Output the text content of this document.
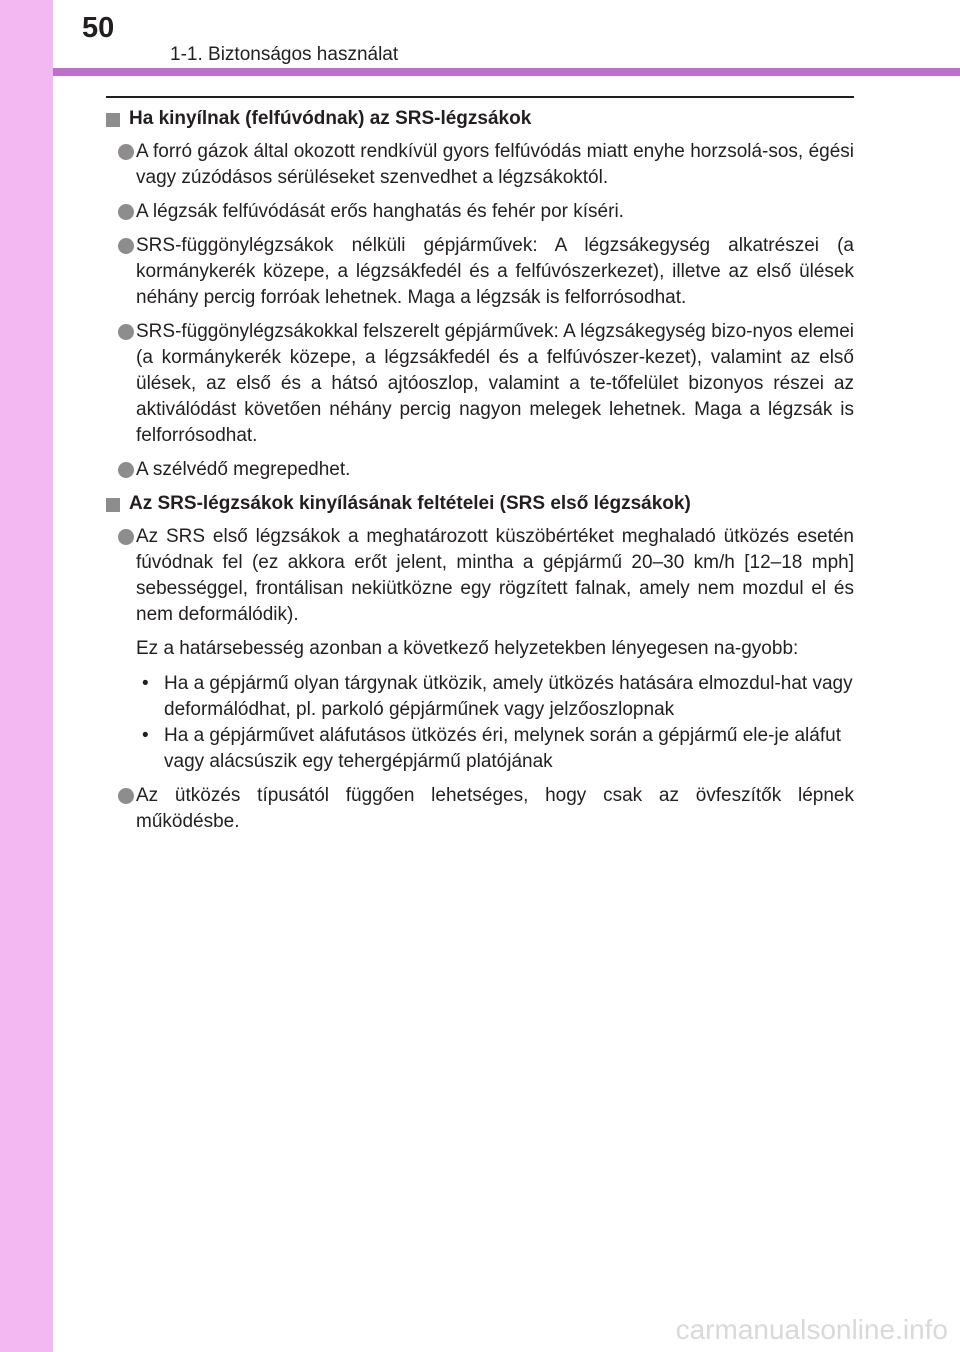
50
1-1. Biztonságos használat
Ha kinyílnak (felfúvódnak) az SRS-légzsákok
A forró gázok által okozott rendkívül gyors felfúvódás miatt enyhe horzsolá-sos, égési vagy zúzódásos sérüléseket szenvedhet a légzsákoktól.
A légzsák felfúvódását erős hanghatás és fehér por kíséri.
SRS-függönylégzsákok nélküli gépjárművek: A légzsákegység alkatrészei (a kormánykerék közepe, a légzsákfedél és a felfúvószerkezet), illetve az első ülések néhány percig forróak lehetnek. Maga a légzsák is felforrósodhat.
SRS-függönylégzsákokkal felszerelt gépjárművek: A légzsákegység bizo-nyos elemei (a kormánykerék közepe, a légzsákfedél és a felfúvószer-kezet), valamint az első ülések, az első és a hátsó ajtóoszlop, valamint a te-tőfelület bizonyos részei az aktiválódást követően néhány percig nagyon melegek lehetnek. Maga a légzsák is felforrósodhat.
A szélvédő megrepedhet.
Az SRS-légzsákok kinyílásának feltételei (SRS első légzsákok)
Az SRS első légzsákok a meghatározott küszöbértéket meghaladó ütközés esetén fúvódnak fel (ez akkora erőt jelent, mintha a gépjármű 20–30 km/h [12–18 mph] sebességgel, frontálisan nekiütközne egy rögzített falnak, amely nem mozdul el és nem deformálódik).
Ez a határsebesség azonban a következő helyzetekben lényegesen na-gyobb:
• Ha a gépjármű olyan tárgynak ütközik, amely ütközés hatására elmozdul-hat vagy deformálódhat, pl. parkoló gépjárműnek vagy jelzőoszlopnak
• Ha a gépjárművet aláfutásos ütközés éri, melynek során a gépjármű ele-je aláfut vagy alácsúszik egy tehergépjármű platójának
Az ütközés típusától függően lehetséges, hogy csak az övfeszítők lépnek működésbe.
carmanualsonline.info
